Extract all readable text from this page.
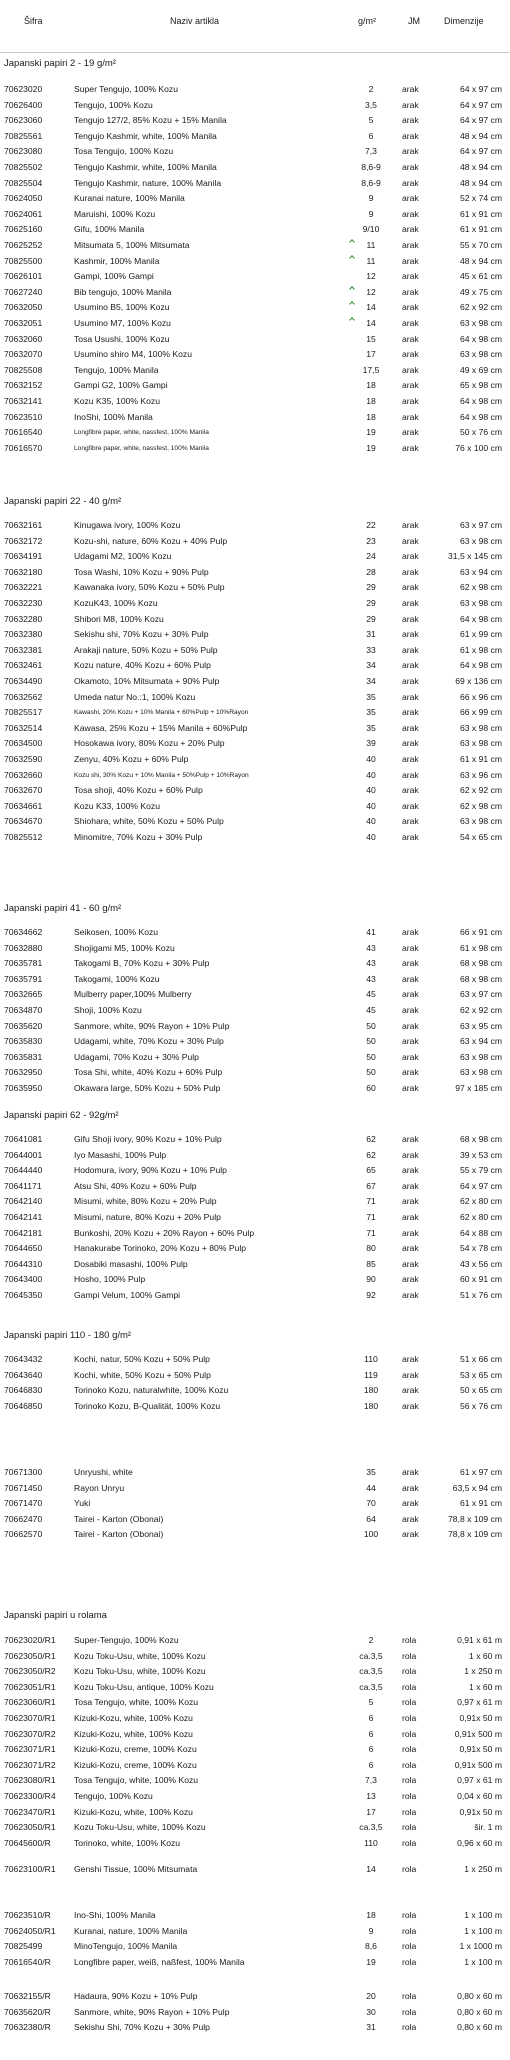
Šifra	Naziv artikla	g/m²	JM	Dimenzije
Japanski papiri 2 - 19 g/m²
70623020	Super Tengujo, 100% Kozu	2	arak	64 x 97 cm
70626400	Tengujo, 100% Kozu	3,5	arak	64 x 97 cm
70623060	Tengujo 127/2, 85% Kozu + 15% Manila	5	arak	64 x 97 cm
70825561	Tengujo Kashmir, white, 100% Manila	6	arak	48 x 94 cm
70623080	Tosa Tengujo, 100% Kozu	7,3	arak	64 x 97 cm
70825502	Tengujo Kashmir, white, 100% Manila	8,6-9	arak	48 x 94 cm
70825504	Tengujo Kashmir, nature, 100% Manila	8,6-9	arak	48 x 94 cm
70624050	Kuranai nature, 100% Manila	9	arak	52 x 74 cm
70624061	Maruishi, 100% Kozu	9	arak	61 x 91 cm
70625160	Gifu, 100% Manila	9/10	arak	61 x 91 cm
70625252	Mitsumata 5, 100% Mitsumata	11	arak	55 x 70 cm
70825500	Kashmir, 100% Manila	11	arak	48 x 94 cm
70626101	Gampi, 100% Gampi	12	arak	45 x 61 cm
70627240	Bib tengujo, 100% Manila	12	arak	49 x 75 cm
70632050	Usumino B5, 100% Kozu	14	arak	62 x 92 cm
70632051	Usumino M7, 100% Kozu	14	arak	63 x 98 cm
70632060	Tosa Usushi, 100% Kozu	15	arak	64 x 98 cm
70632070	Usumino shiro M4, 100% Kozu	17	arak	63 x 98 cm
70825508	Tengujo, 100% Manila	17,5	arak	49 x 69 cm
70632152	Gampi G2, 100% Gampi	18	arak	65 x 98 cm
70632141	Kozu K35, 100% Kozu	18	arak	64 x 98 cm
70623510	InoShi, 100% Manila	18	arak	64 x 98 cm
70616540	Longfibre paper, white, nassfest, 100% Manila	19	arak	50 x 76 cm
70616570	Longfibre paper, white, nassfest, 100% Manila	19	arak	76 x 100 cm
Japanski papiri 22 - 40 g/m²
70632161	Kinugawa ivory, 100% Kozu	22	arak	63 x 97 cm
70632172	Kozu-shi, nature, 60% Kozu + 40% Pulp	23	arak	63 x 98 cm
70634191	Udagami M2, 100% Kozu	24	arak	31,5 x 145 cm
70632180	Tosa Washi, 10% Kozu + 90% Pulp	28	arak	63 x 94 cm
70632221	Kawanaka ivory, 50% Kozu + 50% Pulp	29	arak	62 x 98 cm
70632230	KozuK43, 100% Kozu	29	arak	63 x 98 cm
70632280	Shibori M8, 100% Kozu	29	arak	64 x 98 cm
70632380	Sekishu shi, 70% Kozu + 30% Pulp	31	arak	61 x 99 cm
70632381	Arakaji nature, 50% Kozu + 50% Pulp	33	arak	61 x 98 cm
70632461	Kozu nature, 40% Kozu + 60% Pulp	34	arak	64 x 98 cm
70634490	Okamoto, 10% Mitsumata + 90% Pulp	34	arak	69 x 136 cm
70632562	Umeda natur No.:1, 100% Kozu	35	arak	66 x 96 cm
70825517	Kawashi, 20% Kozu + 10% Manila + 60%Pulp + 10%Rayon	35	arak	66 x 99 cm
70632514	Kawasa, 25% Kozu + 15% Manila + 60%Pulp	35	arak	63 x 98 cm
70634500	Hosokawa ivory, 80% Kozu + 20% Pulp	39	arak	63 x 98 cm
70632590	Zenyu, 40% Kozu + 60% Pulp	40	arak	61 x 91 cm
70632660	Kozu shi, 30% Kozu + 10% Manila + 50%Pulp + 10%Rayon	40	arak	63 x 96 cm
70632670	Tosa shoji, 40% Kozu + 60% Pulp	40	arak	62 x 92 cm
70634661	Kozu K33, 100% Kozu	40	arak	62 x 98 cm
70634670	Shiohara, white, 50% Kozu + 50% Pulp	40	arak	63 x 98 cm
70825512	Minomitre, 70% Kozu + 30% Pulp	40	arak	54 x 65 cm
Japanski papiri 41 - 60 g/m²
70634662	Seikosen, 100% Kozu	41	arak	66 x 91 cm
70632880	Shojigami M5, 100% Kozu	43	arak	61 x 98 cm
70635781	Takogami B, 70% Kozu + 30% Pulp	43	arak	68 x 98 cm
70635791	Takogami, 100% Kozu	43	arak	68 x 98 cm
70632665	Mulberry paper,100% Mulberry	45	arak	63 x 97 cm
70634870	Shoji, 100% Kozu	45	arak	62 x 92 cm
70635620	Sanmore, white, 90% Rayon + 10% Pulp	50	arak	63 x 95 cm
70635830	Udagami, white, 70% Kozu + 30% Pulp	50	arak	63 x 94 cm
70635831	Udagami, 70% Kozu + 30% Pulp	50	arak	63 x 98 cm
70632950	Tosa Shi, white, 40% Kozu + 60% Pulp	50	arak	63 x 98 cm
70635950	Okawara large, 50% Kozu + 50% Pulp	60	arak	97 x 185 cm
Japanski papiri 62 - 92g/m²
70641081	Gifu Shoji ivory, 90% Kozu + 10% Pulp	62	arak	68 x 98 cm
70644001	Iyo Masashi, 100% Pulp	62	arak	39 x 53 cm
70644440	Hodomura, ivory, 90% Kozu + 10% Pulp	65	arak	55 x 79 cm
70641171	Atsu Shi, 40% Kozu + 60% Pulp	67	arak	64 x 97 cm
70642140	Misumi, white, 80% Kozu + 20% Pulp	71	arak	62 x 80 cm
70642141	Misumi, nature, 80% Kozu + 20% Pulp	71	arak	62 x 80 cm
70642181	Bunkoshi, 20% Kozu + 20% Rayon + 60% Pulp	71	arak	64 x 88 cm
70644650	Hanakurabe Torinoko, 20% Kozu + 80% Pulp	80	arak	54 x 78 cm
70644310	Dosabiki masashi, 100% Pulp	85	arak	43 x 56 cm
70643400	Hosho, 100% Pulp	90	arak	60 x 91 cm
70645350	Gampi Velum, 100% Gampi	92	arak	51 x 76 cm
Japanski papiri 110 - 180 g/m²
70643432	Kochi, natur, 50% Kozu + 50% Pulp	110	arak	51 x 66 cm
70643640	Kochi, white, 50% Kozu + 50% Pulp	119	arak	53 x 65 cm
70646830	Torinoko Kozu, naturalwhite, 100% Kozu	180	arak	50 x 65 cm
70646850	Torinoko Kozu, B-Qualität, 100% Kozu	180	arak	56 x 76 cm
70671300	Unryushi, white	35	arak	61 x 97 cm
70671450	Rayon Unryu	44	arak	63,5 x 94 cm
70671470	Yuki	70	arak	61 x 91 cm
70662470	Tairei - Karton (Obonai)	64	arak	78,8 x 109 cm
70662570	Tairei - Karton (Obonai)	100	arak	78,8 x 109 cm
Japanski papiri u rolama
70623020/R1 Super-Tengujo, 100% Kozu	2	rola	0,91 x 61 m
70623050/R1 Kozu Toku-Usu, white, 100% Kozu	ca.3,5	rola	1 x 60 m
70623050/R2 Kozu Toku-Usu, white, 100% Kozu	ca.3,5	rola	1 x 250 m
70623051/R1 Kozu Toku-Usu, antique, 100% Kozu	ca.3,5	rola	1 x 60 m
70623060/R1 Tosa Tengujo, white, 100% Kozu	5	rola	0,97 x 61 m
70623070/R1 Kizuki-Kozu, white, 100% Kozu	6	rola	0,91x 50 m
70623070/R2 Kizuki-Kozu, white, 100% Kozu	6	rola	0,91x 500 m
70623071/R1 Kizuki-Kozu, creme, 100% Kozu	6	rola	0,91x 50 m
70623071/R2 Kizuki-Kozu, creme, 100% Kozu	6	rola	0,91x 500 m
70623080/R1 Tosa Tengujo, white, 100% Kozu	7,3	rola	0,97 x 61 m
70623300/R4 Tengujo, 100% Kozu	13	rola	0,04 x 60 m
70623470/R1 Kizuki-Kozu, white, 100% Kozu	17	rola	0,91x 50 m
70623050/R1 Kozu Toku-Usu, white, 100% Kozu	ca.3,5	rola	šir. 1 m
70645600/R	Torinoko, white, 100% Kozu	110	rola	0,96 x 60 m
70623100/R1 Genshi Tissue, 100% Mitsumata	14	rola	1 x 250 m
70623510/R	Ino-Shi, 100% Manila	18	rola	1 x 100 m
70624050/R1 Kuranai, nature, 100% Manila	9	rola	1 x 100 m
70825499	MinoTengujo, 100% Manila	8,6	rola	1 x 1000 m
70616540/R	Longfibre paper, weiß, naßfest, 100% Manila	19	rola	1 x 100 m
70632155/R	Hadaura, 90% Kozu + 10% Pulp	20	rola	0,80 x 60 m
70635620/R	Sanmore, white, 90% Rayon + 10% Pulp	30	rola	0,80 x 60 m
70632380/R	Sekishu Shi, 70% Kozu + 30% Pulp	31	rola	0,80 x 60 m
